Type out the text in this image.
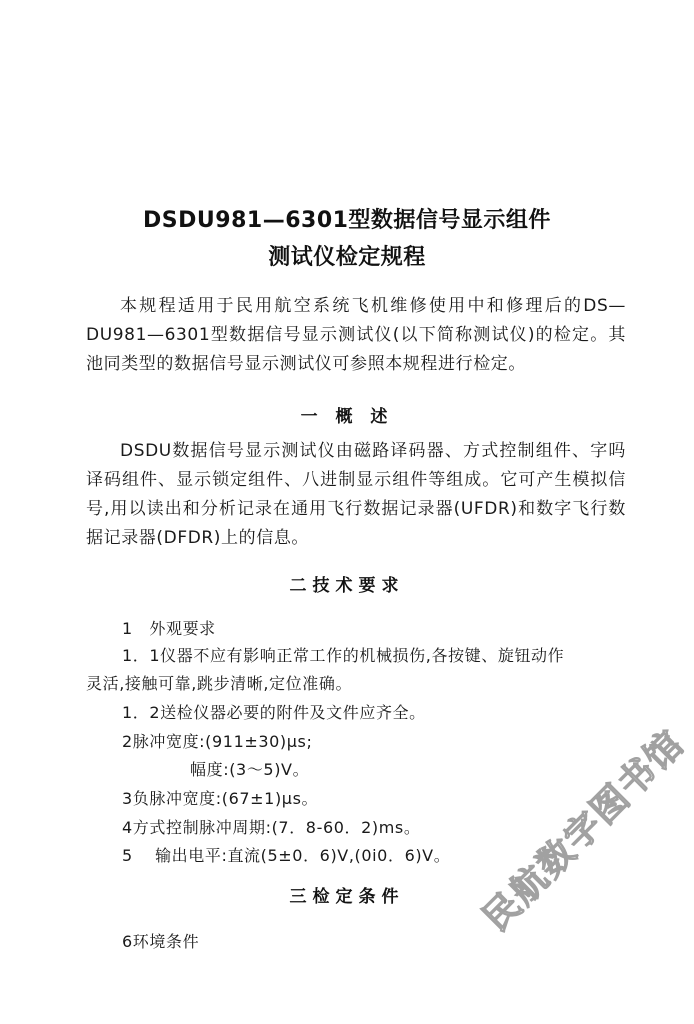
DSDU981—6301型数据信号显示组件
测试仪检定规程
本规程适用于民用航空系统飞机维修使用中和修理后的DS—DU981—6301型数据信号显示测试仪(以下简称测试仪)的检定。其池同类型的数据信号显示测试仪可参照本规程进行检定。
一 概 述
DSDU数据信号显示测试仪由磁路译码器、方式控制组件、字吗译码组件、显示锁定组件、八进制显示组件等组成。它可产生模拟信号,用以读出和分析记录在通用飞行数据记录器(UFDR)和数字飞行数据记录器(DFDR)上的信息。
二技术要求
1　外观要求
1．1仪器不应有影响正常工作的机械损伤,各按键、旋钮动作
灵活,接触可靠,跳步清晰,定位准确。
1．2送检仪器必要的附件及文件应齐全。
2脉冲宽度:(911±30)μs;
幅度:(3～5)V。
3负脉冲宽度:(67±1)μs。
4方式控制脉冲周期:(7．8-60．2)ms。
5　 输出电平:直流(5±0．6)V,(0i0．6)V。
三检定条件
6环境条件
民航数字图书馆
